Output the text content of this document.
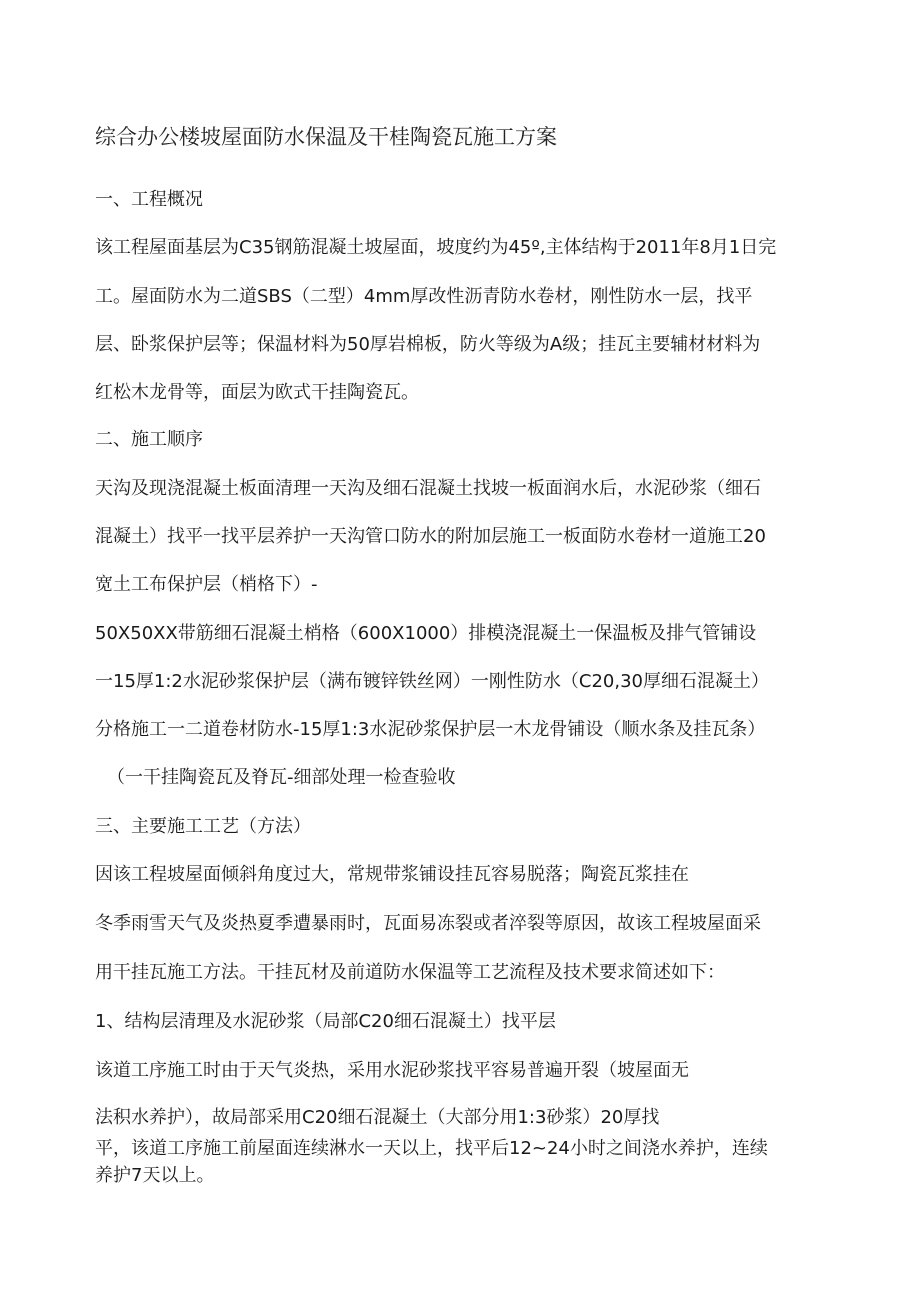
综合办公楼坡屋面防水保温及干桂陶瓷瓦施工方案
一、工程概况
该工程屋面基层为C35钢筋混凝土坡屋面，坡度约为45º,主体结构于2011年8月1日完
工。屋面防水为二道SBS（二型）4mm厚改性沥青防水卷材，刚性防水一层，找平
层、卧浆保护层等；保温材料为50厚岩棉板，防火等级为A级；挂瓦主要辅材材料为
红松木龙骨等，面层为欧式干挂陶瓷瓦。
二、施工顺序
天沟及现浇混凝土板面清理一天沟及细石混凝土找坡一板面润水后，水泥砂浆（细石
混凝土）找平一找平层养护一天沟管口防水的附加层施工一板面防水卷材一道施工20
宽土工布保护层（梢格下）-
50X50XX带筋细石混凝土梢格（600X1000）排模浇混凝土一保温板及排气管铺设
一15厚1:2水泥砂浆保护层（满布镀锌铁丝网）一刚性防水（C20,30厚细石混凝土）
分格施工一二道卷材防水-15厚1:3水泥砂浆保护层一木龙骨铺设（顺水条及挂瓦条）
（一干挂陶瓷瓦及脊瓦-细部处理一检查验收
三、主要施工工艺（方法）
因该工程坡屋面倾斜角度过大，常规带浆铺设挂瓦容易脱落；陶瓷瓦浆挂在
冬季雨雪天气及炎热夏季遭暴雨时，瓦面易冻裂或者淬裂等原因，故该工程坡屋面采
用干挂瓦施工方法。干挂瓦材及前道防水保温等工艺流程及技术要求简述如下：
1、结构层清理及水泥砂浆（局部C20细石混凝土）找平层
该道工序施工时由于天气炎热，采用水泥砂浆找平容易普遍开裂（坡屋面无
法积水养护），故局部采用C20细石混凝土（大部分用1:3砂浆）20厚找
平，该道工序施工前屋面连续淋水一天以上，找平后12~24小时之间浇水养护，连续
养护7天以上。
